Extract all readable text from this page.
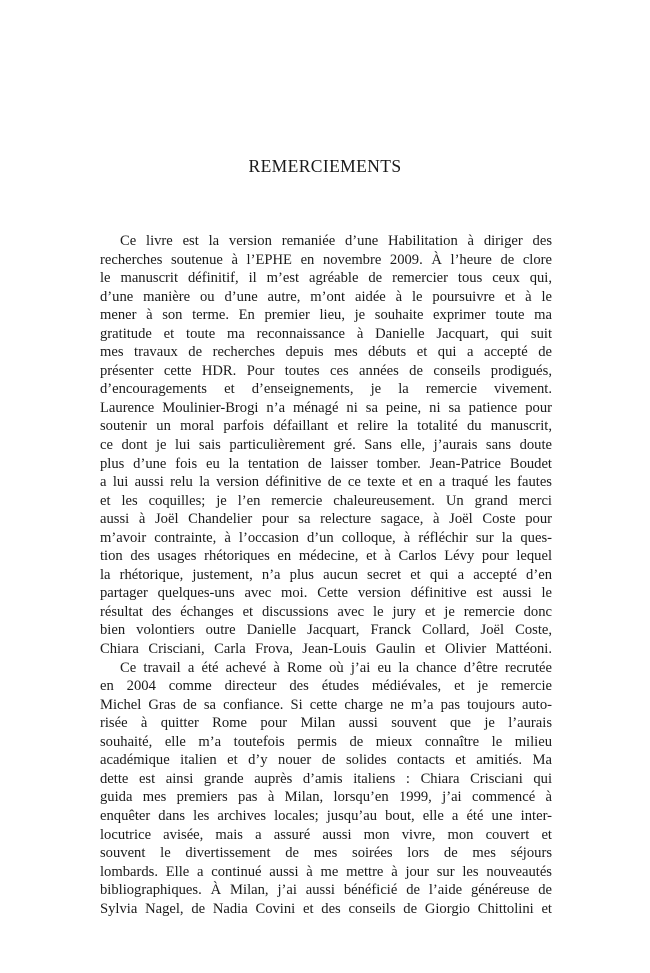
REMERCIEMENTS
Ce livre est la version remaniée d’une Habilitation à diriger des
recherches soutenue à l’EPHE en novembre 2009. À l’heure de clore
le manuscrit définitif, il m’est agréable de remercier tous ceux qui,
d’une manière ou d’une autre, m’ont aidée à le poursuivre et à le
mener à son terme. En premier lieu, je souhaite exprimer toute ma
gratitude et toute ma reconnaissance à Danielle Jacquart, qui suit
mes travaux de recherches depuis mes débuts et qui a accepté de
présenter cette HDR. Pour toutes ces années de conseils prodigués,
d’encouragements et d’enseignements, je la remercie vivement.
Laurence Moulinier-Brogi n’a ménagé ni sa peine, ni sa patience pour
soutenir un moral parfois défaillant et relire la totalité du manuscrit,
ce dont je lui sais particulièrement gré. Sans elle, j’aurais sans doute
plus d’une fois eu la tentation de laisser tomber. Jean-Patrice Boudet
a lui aussi relu la version définitive de ce texte et en a traqué les fautes
et les coquilles; je l’en remercie chaleureusement. Un grand merci
aussi à Joël Chandelier pour sa relecture sagace, à Joël Coste pour
m’avoir contrainte, à l’occasion d’un colloque, à réfléchir sur la ques-
tion des usages rhétoriques en médecine, et à Carlos Lévy pour lequel
la rhétorique, justement, n’a plus aucun secret et qui a accepté d’en
partager quelques-uns avec moi. Cette version définitive est aussi le
résultat des échanges et discussions avec le jury et je remercie donc
bien volontiers outre Danielle Jacquart, Franck Collard, Joël Coste,
Chiara Crisciani, Carla Frova, Jean-Louis Gaulin et Olivier Mattéoni.
Ce travail a été achevé à Rome où j’ai eu la chance d’être recrutée
en 2004 comme directeur des études médiévales, et je remercie
Michel Gras de sa confiance. Si cette charge ne m’a pas toujours auto-
risée à quitter Rome pour Milan aussi souvent que je l’aurais
souhaité, elle m’a toutefois permis de mieux connaître le milieu
académique italien et d’y nouer de solides contacts et amitiés. Ma
dette est ainsi grande auprès d’amis italiens : Chiara Crisciani qui
guida mes premiers pas à Milan, lorsqu’en 1999, j’ai commencé à
enquêter dans les archives locales; jusqu’au bout, elle a été une inter-
locutrice avisée, mais a assuré aussi mon vivre, mon couvert et
souvent le divertissement de mes soirées lors de mes séjours
lombards. Elle a continué aussi à me mettre à jour sur les nouveautés
bibliographiques. À Milan, j’ai aussi bénéficié de l’aide généreuse de
Sylvia Nagel, de Nadia Covini et des conseils de Giorgio Chittolini et
